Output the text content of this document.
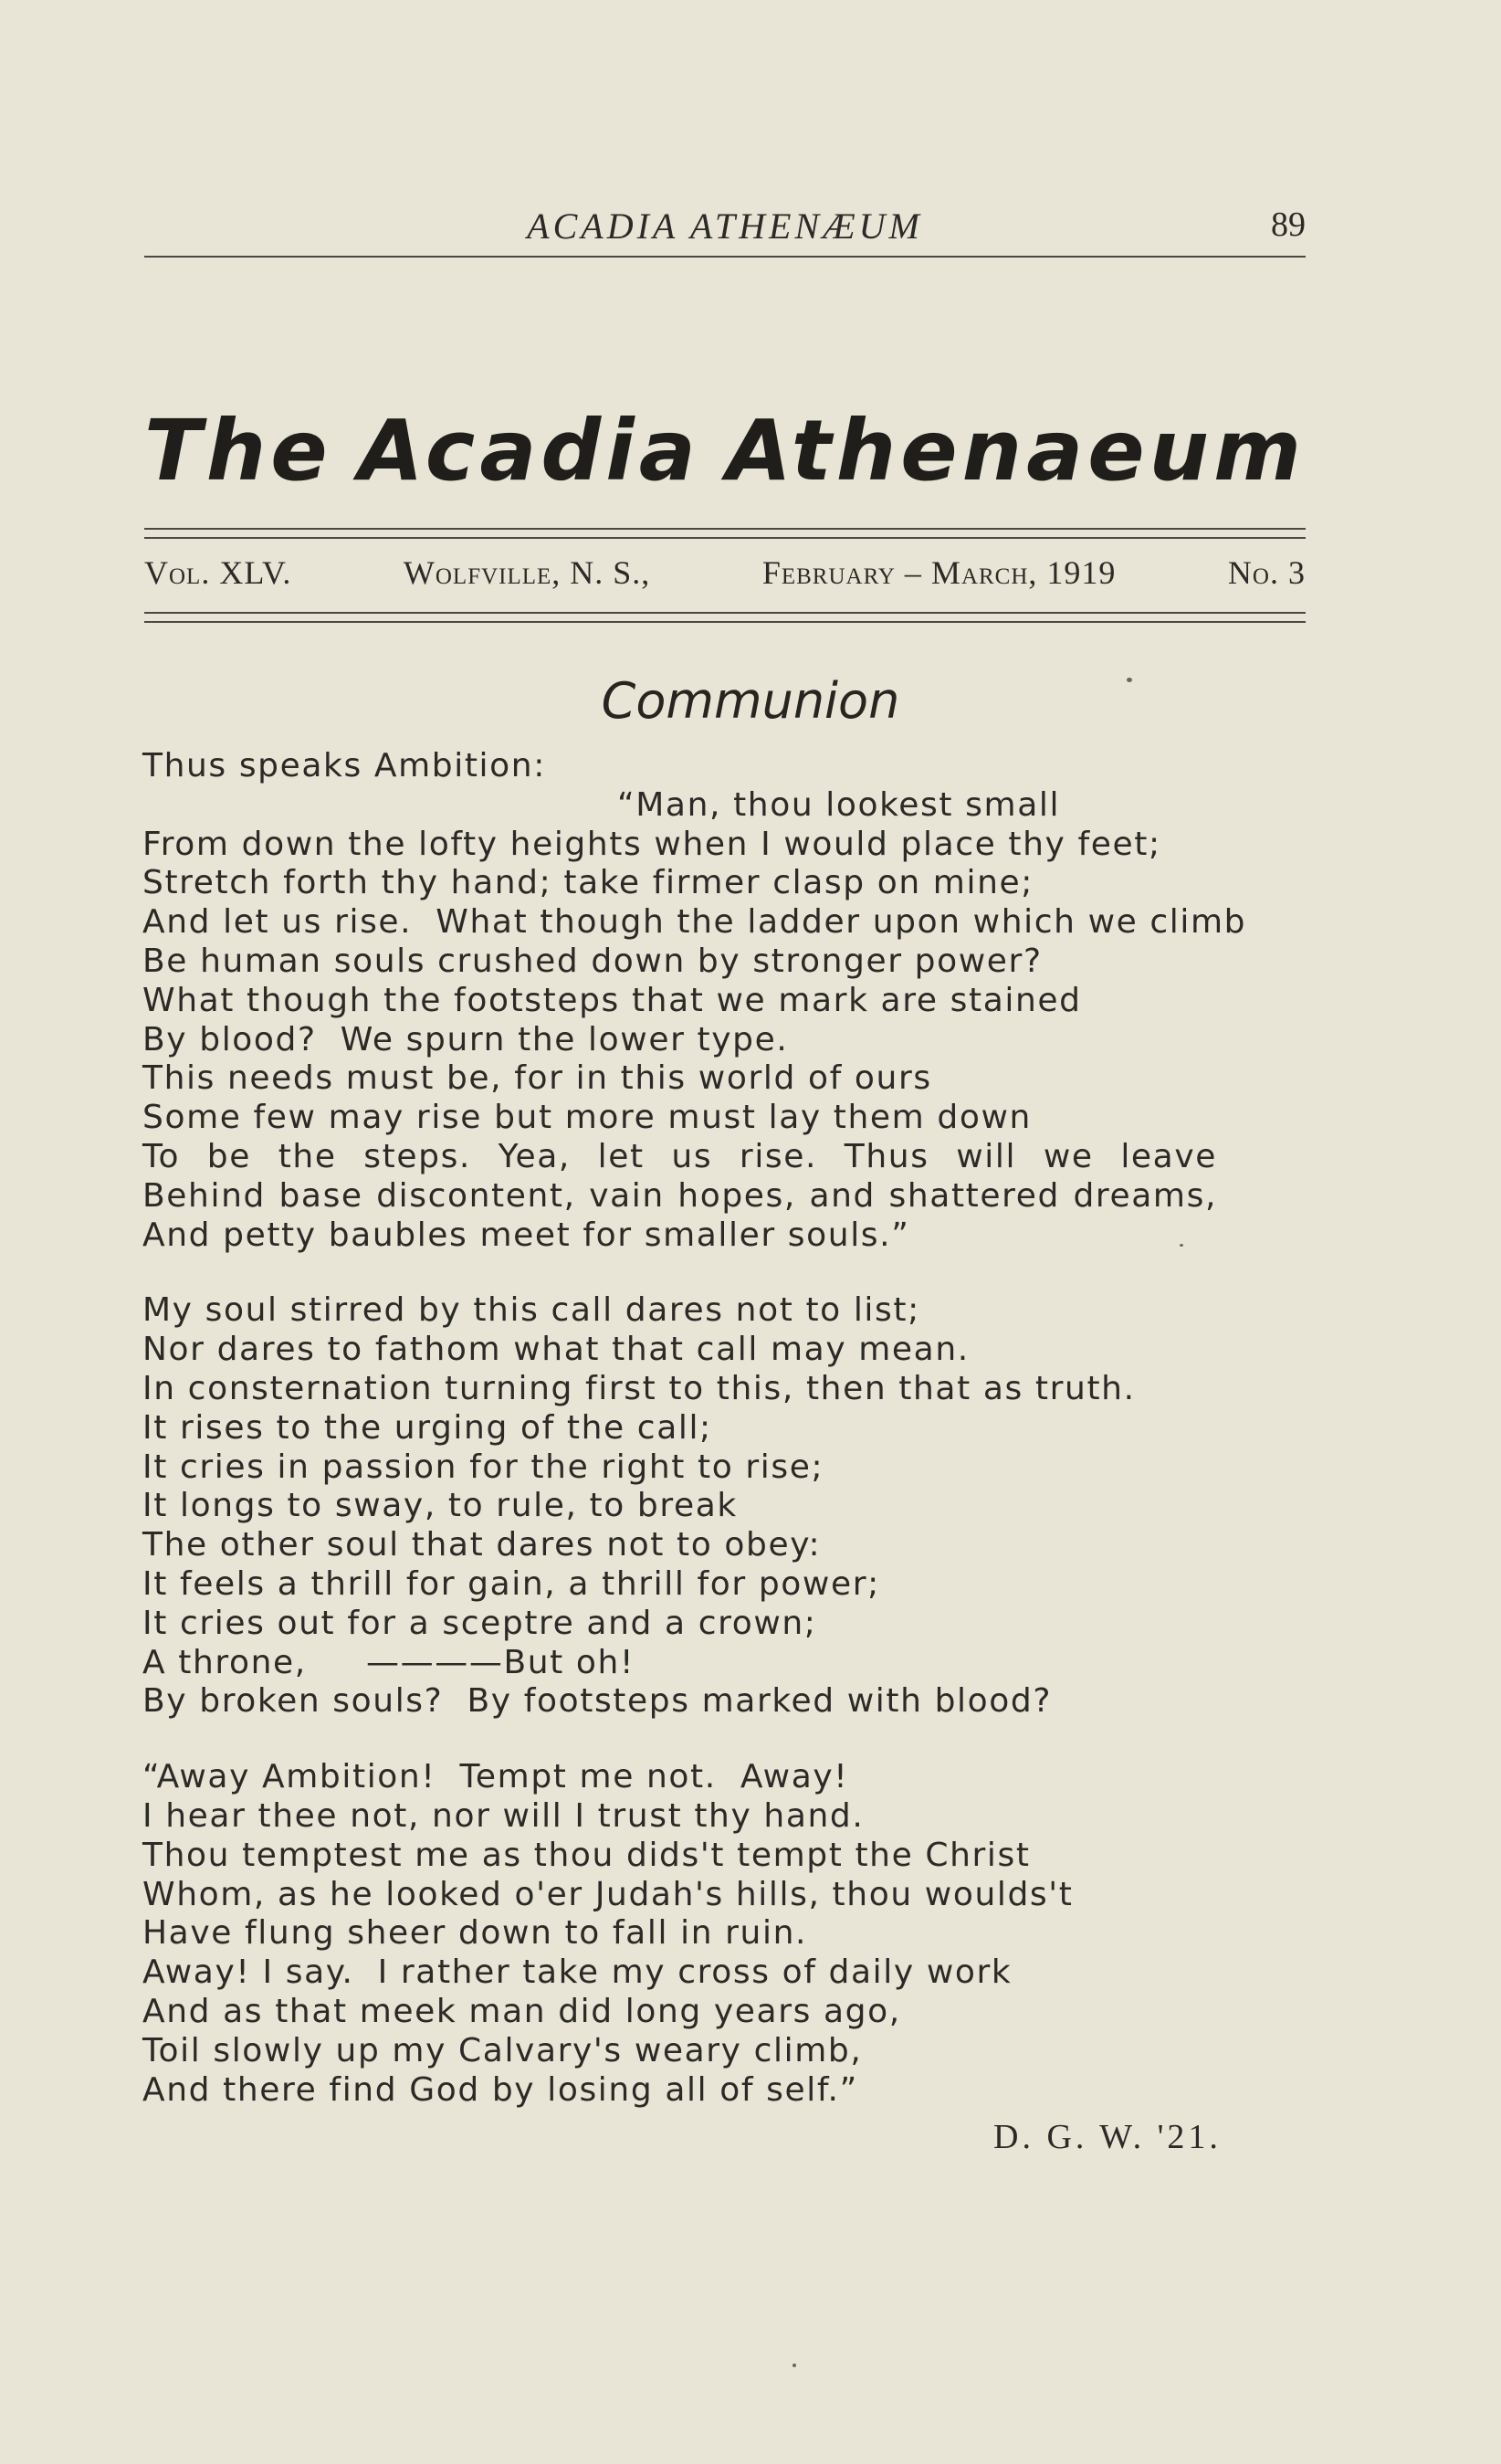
ACADIA ATHENÆUM	89
The Acadia Athenaeum
Vol. XLV.	Wolfville, N. S.,	February – March, 1919	No. 3
Communion
Thus speaks Ambition:
“Man, thou lookest small
From down the lofty heights when I would place thy feet;
Stretch forth thy hand; take firmer clasp on mine;
And let us rise.  What though the ladder upon which we climb
Be human souls crushed down by stronger power?
What though the footsteps that we mark are stained
By blood?  We spurn the lower type.
This needs must be, for in this world of ours
Some few may rise but more must lay them down
To be the steps. Yea, let us rise. Thus will we leave
Behind base discontent, vain hopes, and shattered dreams,
And petty baubles meet for smaller souls.”
My soul stirred by this call dares not to list;
Nor dares to fathom what that call may mean.
In consternation turning first to this, then that as truth.
It rises to the urging of the call;
It cries in passion for the right to rise;
It longs to sway, to rule, to break
The other soul that dares not to obey:
It feels a thrill for gain, a thrill for power;
It cries out for a sceptre and a crown;
A throne,     ————But oh!
By broken souls?  By footsteps marked with blood?
“Away Ambition!  Tempt me not.  Away!
I hear thee not, nor will I trust thy hand.
Thou temptest me as thou dids't tempt the Christ
Whom, as he looked o'er Judah's hills, thou woulds't
Have flung sheer down to fall in ruin.
Away! I say.  I rather take my cross of daily work
And as that meek man did long years ago,
Toil slowly up my Calvary's weary climb,
And there find God by losing all of self.”
D. G. W. '21.
